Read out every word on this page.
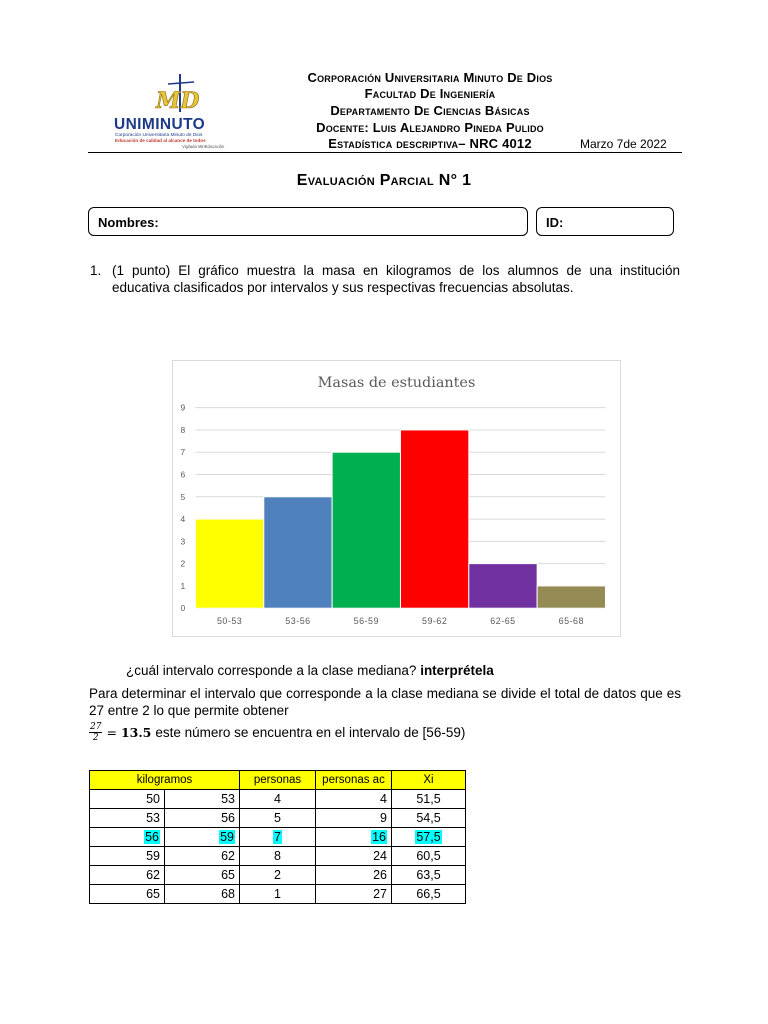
MD
UNIMINUTO
Corporación Universitaria Minuto de Dios
Educación de calidad al alcance de todos
Vigilada MinEducación
Corporación Universitaria Minuto De Dios
Facultad De Ingeniería
Departamento De Ciencias Básicas
Docente: Luis Alejandro Pineda Pulido
Estadística descriptiva– NRC 4012	Marzo 7de 2022
Evaluación Parcial N° 1
Nombres:	ID:
1. (1 punto) El gráfico muestra la masa en kilogramos de los alumnos de una institución educativa clasificados por intervalos y sus respectivas frecuencias absolutas.
Masas de estudiantes
0
1
2
3
4
5
6
7
8
9
50-53	53-56	56-59	59-62	62-65	65-68
¿cuál intervalo corresponde a la clase mediana? interprétela
Para determinar el intervalo que corresponde a la clase mediana se divide el total de datos que es 27 entre 2 lo que permite obtener
$\frac{27}{2} = 13.5$ este número se encuentra en el intervalo de [56-59)
kilogramos		personas	personas ac	Xi
50	53	4	4	51,5
53	56	5	9	54,5
56	59	7	16	57,5
59	62	8	24	60,5
62	65	2	26	63,5
65	68	1	27	66,5
